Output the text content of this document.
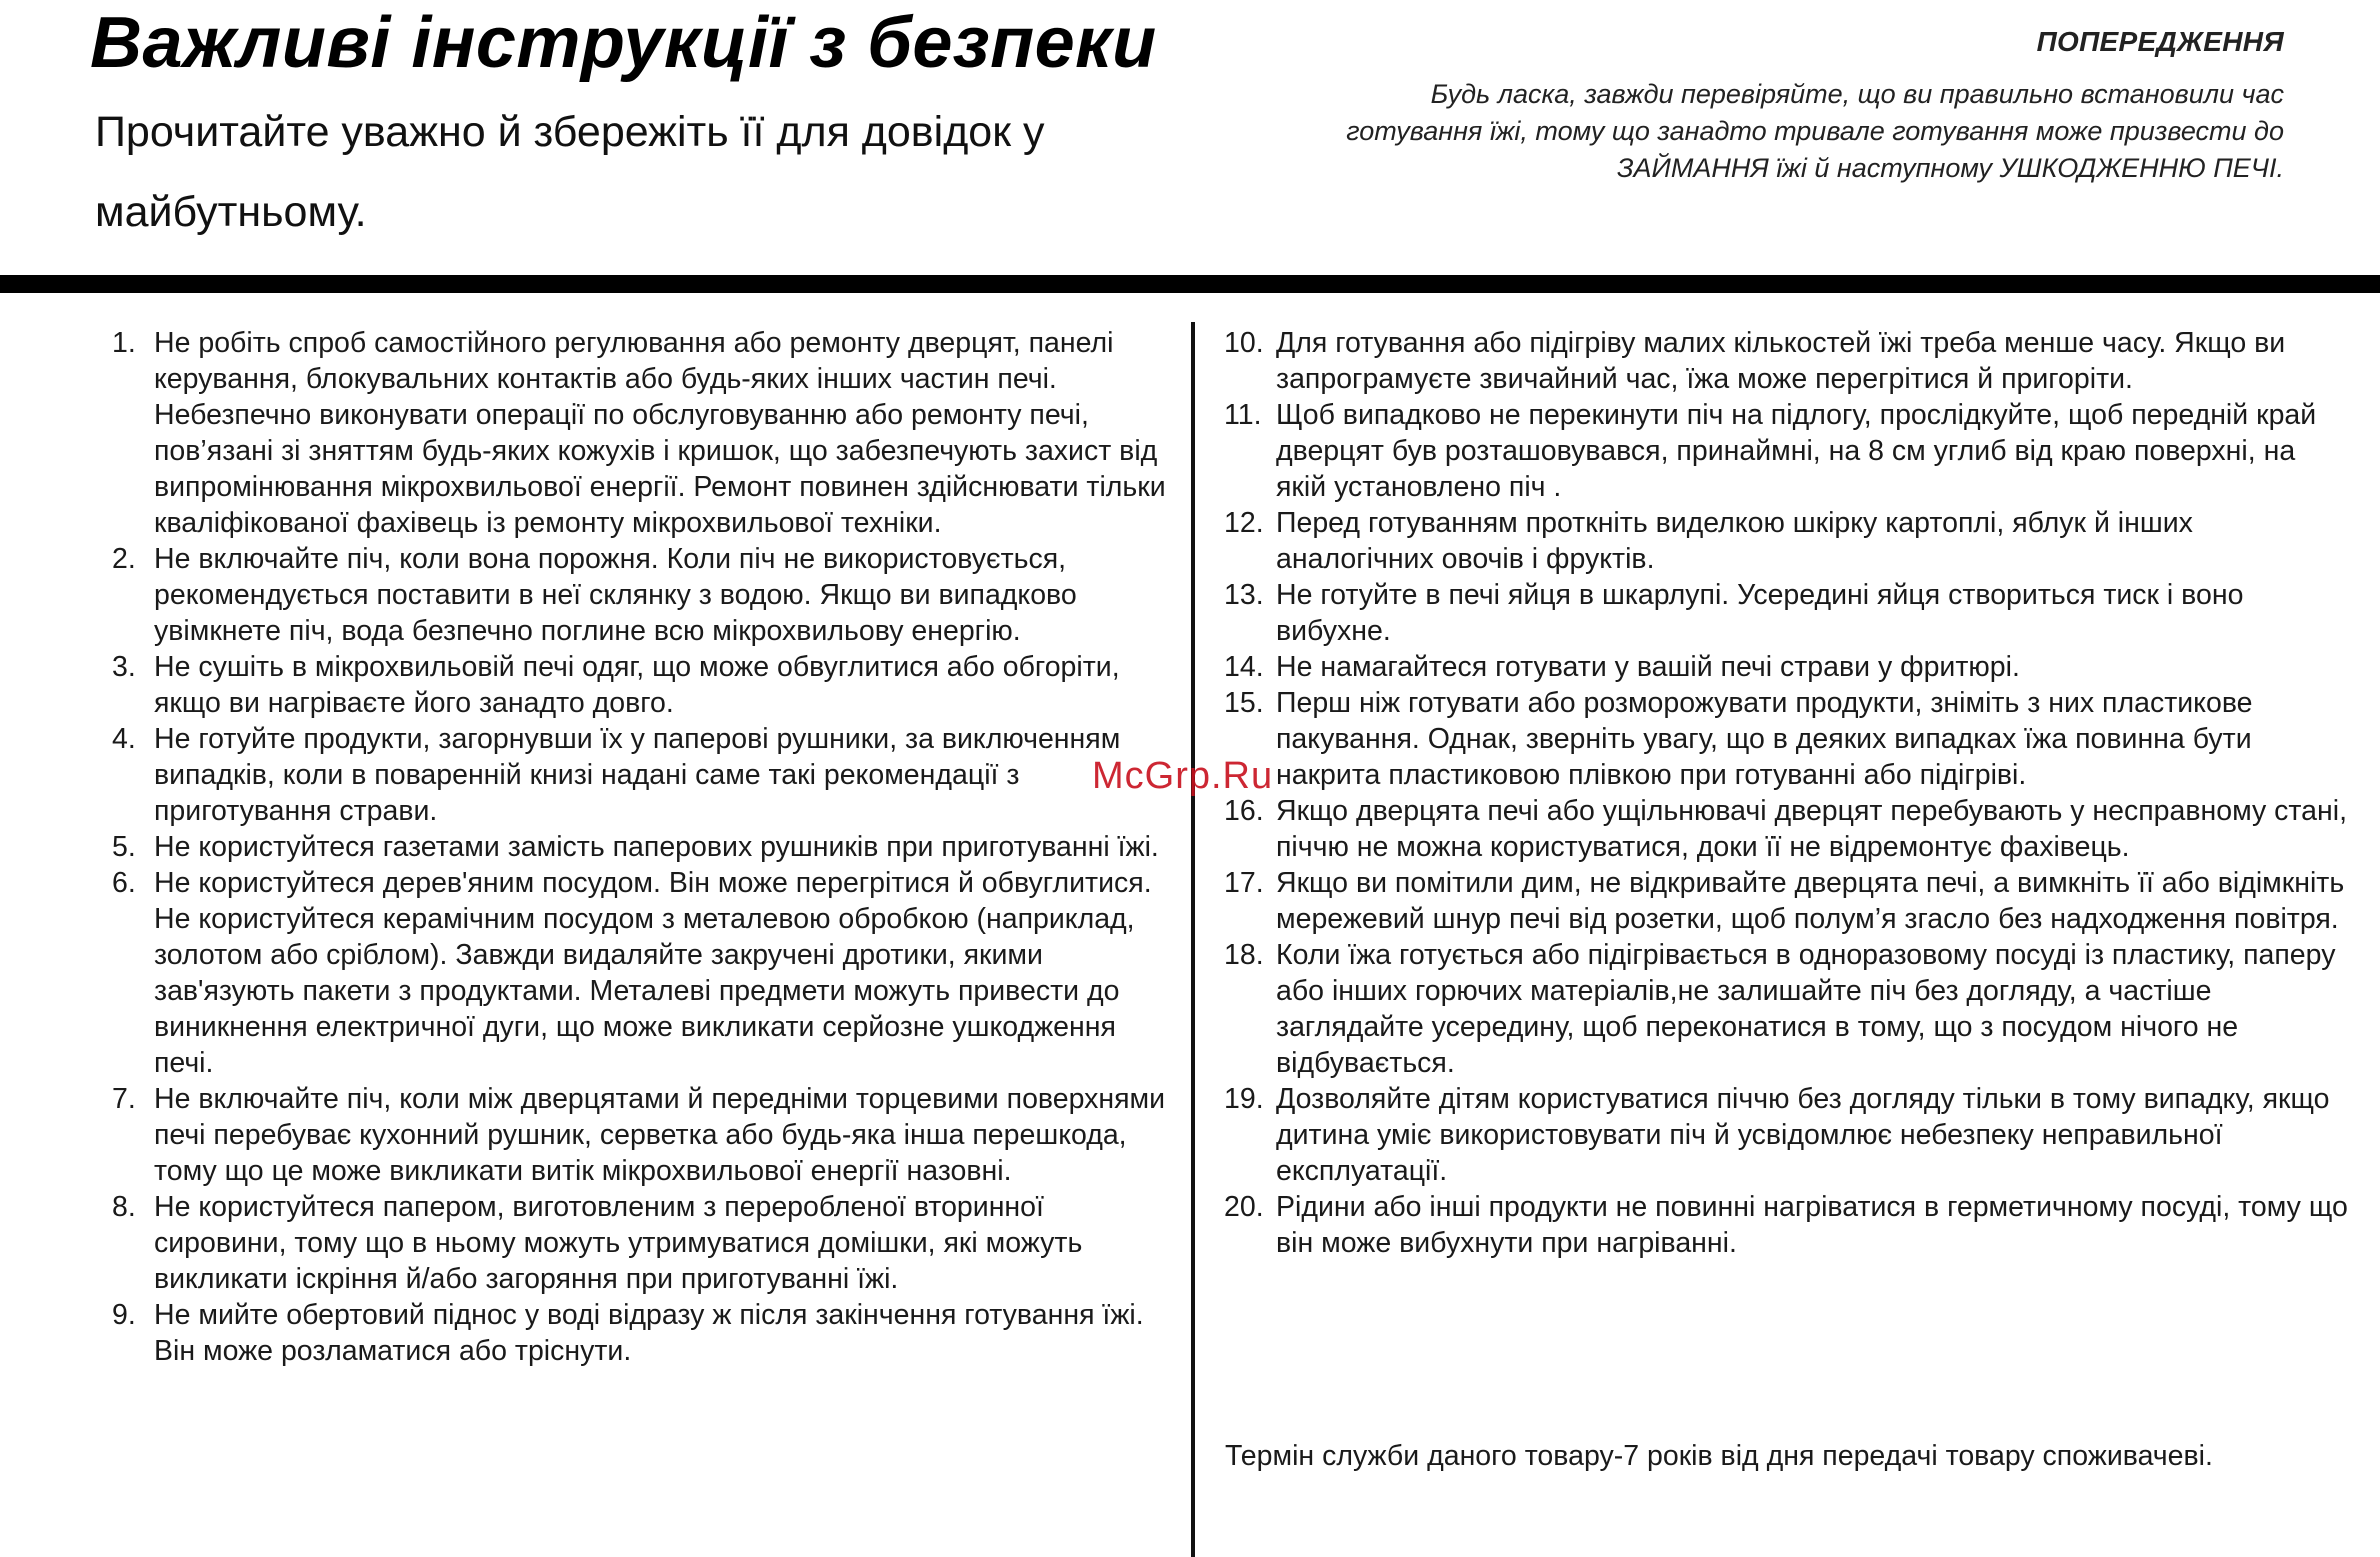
Важливі інструкції з безпеки

Прочитайте уважно й збережіть її для довідок у майбутньому.

ПОПЕРЕДЖЕННЯ
Будь ласка, завжди перевіряйте, що ви правильно встановили час готування їжі, тому що занадто тривале готування може призвести до ЗАЙМАННЯ їжі й наступному УШКОДЖЕННЮ ПЕЧІ.
1. Не робіть спроб самостійного регулювання або ремонту дверцят, панелі керування, блокувальних контактів або будь-яких інших частин печі. Небезпечно виконувати операції по обслуговуванню або ремонту печі, пов’язані зі зняттям будь-яких кожухів і кришок, що забезпечують захист від випромінювання мікрохвильової енергії. Ремонт повинен здійснювати тільки кваліфікованої фахівець із ремонту мікрохвильової техніки.
2. Не включайте піч, коли вона порожня. Коли піч не використовується, рекомендується поставити в неї склянку з водою. Якщо ви випадково увімкнете піч, вода безпечно поглине всю мікрохвильову енергію.
3. Не сушіть в мікрохвильовій печі одяг, що може обвуглитися або обгоріти, якщо ви нагріваєте його занадто довго.
4. Не готуйте продукти, загорнувши їх у паперові рушники, за виключенням випадків, коли в поваренній книзі надані саме такі рекомендації з приготування страви.
5. Не користуйтеся газетами замість паперових рушників при приготуванні їжі.
6. Не користуйтеся дерев'яним посудом. Він може перегрітися й обвуглитися. Не користуйтеся керамічним посудом з металевою обробкою (наприклад, золотом або сріблом). Завжди видаляйте закручені дротики, якими зав'язують пакети з продуктами. Металеві предмети можуть привести до виникнення електричної дуги, що може викликати серйозне ушкодження печі.
7. Не включайте піч, коли між дверцятами й передніми торцевими поверхнями печі перебуває кухонний рушник, серветка або будь-яка інша перешкода, тому що це може викликати витік мікрохвильової енергії назовні.
8. Не користуйтеся папером, виготовленим з переробленої вторинної сировини, тому що в ньому можуть утримуватися домішки, які можуть викликати іскріння й/або загоряння при приготуванні їжі.
9. Не мийте обертовий піднос у воді відразу ж після закінчення готування їжі. Він може розламатися або тріснути.
10. Для готування або підігріву малих кількостей їжі треба менше часу. Якщо ви запрограмуєте звичайний час, їжа може перегрітися й пригоріти.
11. Щоб випадково не перекинути піч на підлогу, прослідкуйте, щоб передній край дверцят був розташовувався, принаймні, на 8 см углиб від краю поверхні, на якій установлено піч .
12. Перед готуванням проткніть виделкою шкірку картоплі, яблук й інших аналогічних овочів і фруктів.
13. Не готуйте в печі яйця в шкарлупі. Усередині яйця створиться тиск і воно вибухне.
14. Не намагайтеся готувати у вашій печі страви у фритюрі.
15. Перш ніж готувати або розморожувати продукти, зніміть з них пластикове пакування. Однак, зверніть увагу, що в деяких випадках їжа повинна бути накрита пластиковою плівкою при готуванні або підігріві.
16. Якщо дверцята печі або ущільнювачі дверцят перебувають у несправному стані, піччю не можна користуватися, доки її не відремонтує фахівець.
17. Якщо ви помітили дим, не відкривайте дверцята печі, а вимкніть її або відімкніть мережевий шнур печі від розетки, щоб полум’я згасло без надходження повітря.
18. Коли їжа готується або підігрівається в одноразовому посуді із пластику, паперу або інших горючих матеріалів,не залишайте піч без догляду, а частіше заглядайте усередину, щоб переконатися в тому, що з посудом нічого не відбувається.
19. Дозволяйте дітям користуватися піччю без догляду тільки в тому випадку, якщо дитина уміє використовувати піч й усвідомлює небезпеку неправильної експлуатації.
20. Рідини або інші продукти не повинні нагріватися в герметичному посуді, тому що він може вибухнути при нагріванні.
Термін служби даного товару-7 років від дня передачі товару споживачеві.
McGrp.Ru
